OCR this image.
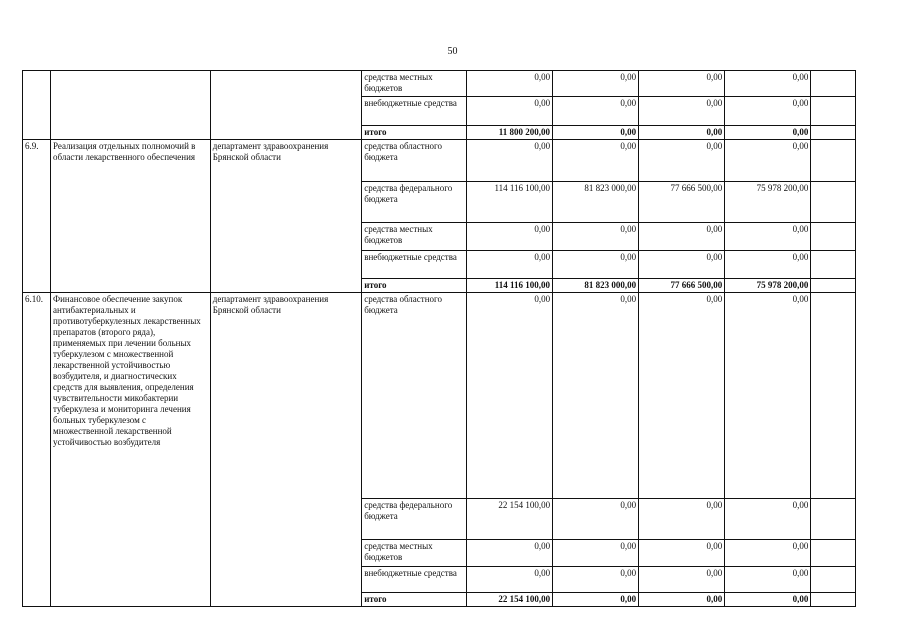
50
			средства местных бюджетов	0,00	0,00	0,00	0,00	
			внебюджетные средства	0,00	0,00	0,00	0,00	
			итого	11 800 200,00	0,00	0,00	0,00	
6.9.	Реализация отдельных полномочий в области лекарственного обеспечения	департамент здравоохранения Брянской области	средства областного бюджета	0,00	0,00	0,00	0,00	
			средства федерального бюджета	114 116 100,00	81 823 000,00	77 666 500,00	75 978 200,00	
			средства местных бюджетов	0,00	0,00	0,00	0,00	
			внебюджетные средства	0,00	0,00	0,00	0,00	
			итого	114 116 100,00	81 823 000,00	77 666 500,00	75 978 200,00	
6.10.	Финансовое обеспечение закупок антибактериальных и противотуберкулезных лекарственных препаратов (второго ряда), применяемых при лечении больных туберкулезом с множественной лекарственной устойчивостью возбудителя, и диагностических средств для выявления, определения чувствительности микобактерии туберкулеза и мониторинга лечения больных туберкулезом с множественной лекарственной устойчивостью возбудителя	департамент здравоохранения Брянской области	средства областного бюджета	0,00	0,00	0,00	0,00	
			средства федерального бюджета	22 154 100,00	0,00	0,00	0,00	
			средства местных бюджетов	0,00	0,00	0,00	0,00	
			внебюджетные средства	0,00	0,00	0,00	0,00	
			итого	22 154 100,00	0,00	0,00	0,00	
